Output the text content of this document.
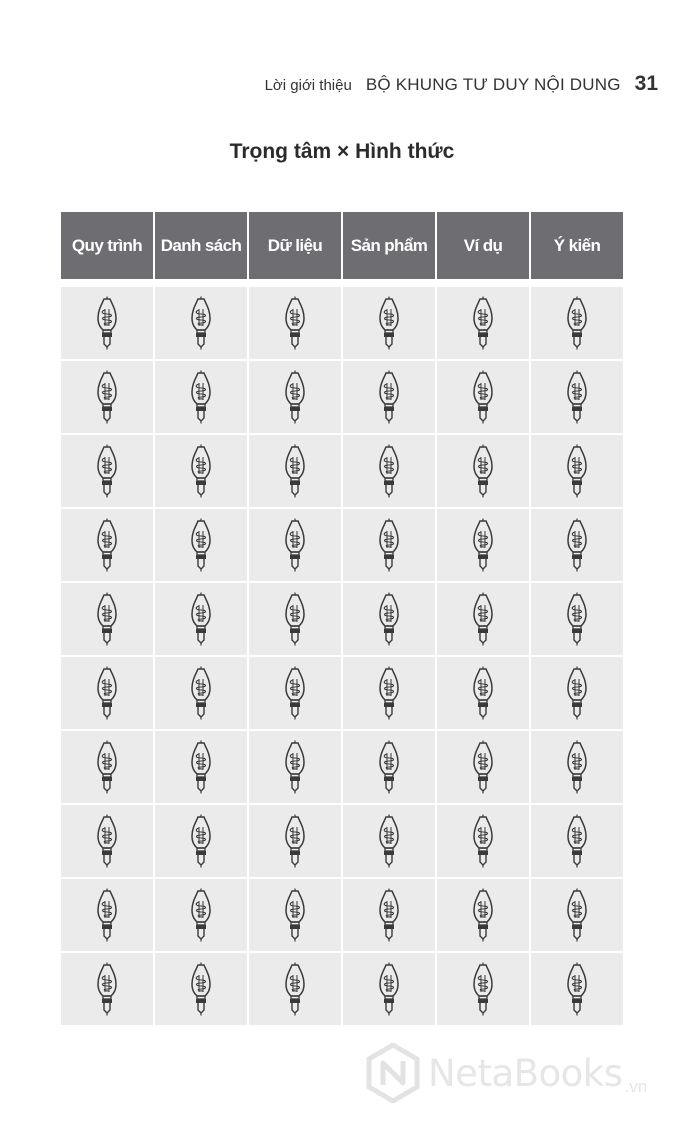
Lời giới thiệu BỘ KHUNG TƯ DUY NỘI DUNG 31
Trọng tâm × Hình thức
Quy trình	Danh sách	Dữ liệu	Sản phẩm	Ví dụ	Ý kiến
NetaBooks .vn
